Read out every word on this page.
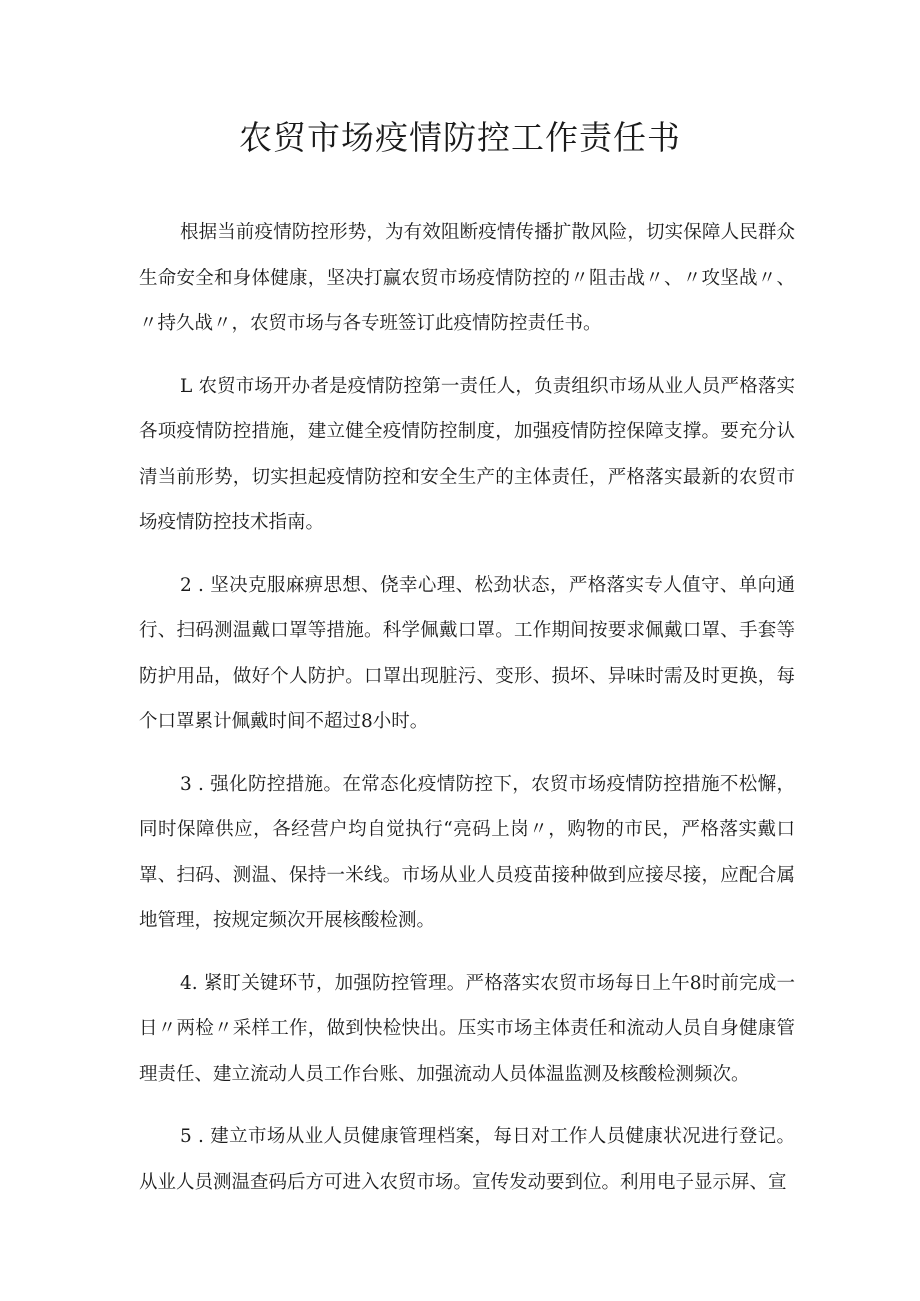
农贸市场疫情防控工作责任书

根据当前疫情防控形势，为有效阻断疫情传播扩散风险，切实保障人民群众生命安全和身体健康，坚决打赢农贸市场疫情防控的〃阻击战〃、〃攻坚战〃、〃持久战〃，农贸市场与各专班签订此疫情防控责任书。

L 农贸市场开办者是疫情防控第一责任人，负责组织市场从业人员严格落实各项疫情防控措施，建立健全疫情防控制度，加强疫情防控保障支撑。要充分认清当前形势，切实担起疫情防控和安全生产的主体责任，严格落实最新的农贸市场疫情防控技术指南。

2 . 坚决克服麻痹思想、侥幸心理、松劲状态，严格落实专人值守、单向通行、扫码测温戴口罩等措施。科学佩戴口罩。工作期间按要求佩戴口罩、手套等防护用品，做好个人防护。口罩出现脏污、变形、损坏、异味时需及时更换，每个口罩累计佩戴时间不超过8小时。

3 . 强化防控措施。在常态化疫情防控下，农贸市场疫情防控措施不松懈，同时保障供应，各经营户均自觉执行“亮码上岗〃，购物的市民，严格落实戴口罩、扫码、测温、保持一米线。市场从业人员疫苗接种做到应接尽接，应配合属地管理，按规定频次开展核酸检测。

4. 紧盯关键环节，加强防控管理。严格落实农贸市场每日上午8时前完成一日〃两检〃采样工作，做到快检快出。压实市场主体责任和流动人员自身健康管理责任、建立流动人员工作台账、加强流动人员体温监测及核酸检测频次。

5 . 建立市场从业人员健康管理档案，每日对工作人员健康状况进行登记。从业人员测温查码后方可进入农贸市场。宣传发动要到位。利用电子显示屏、宣
